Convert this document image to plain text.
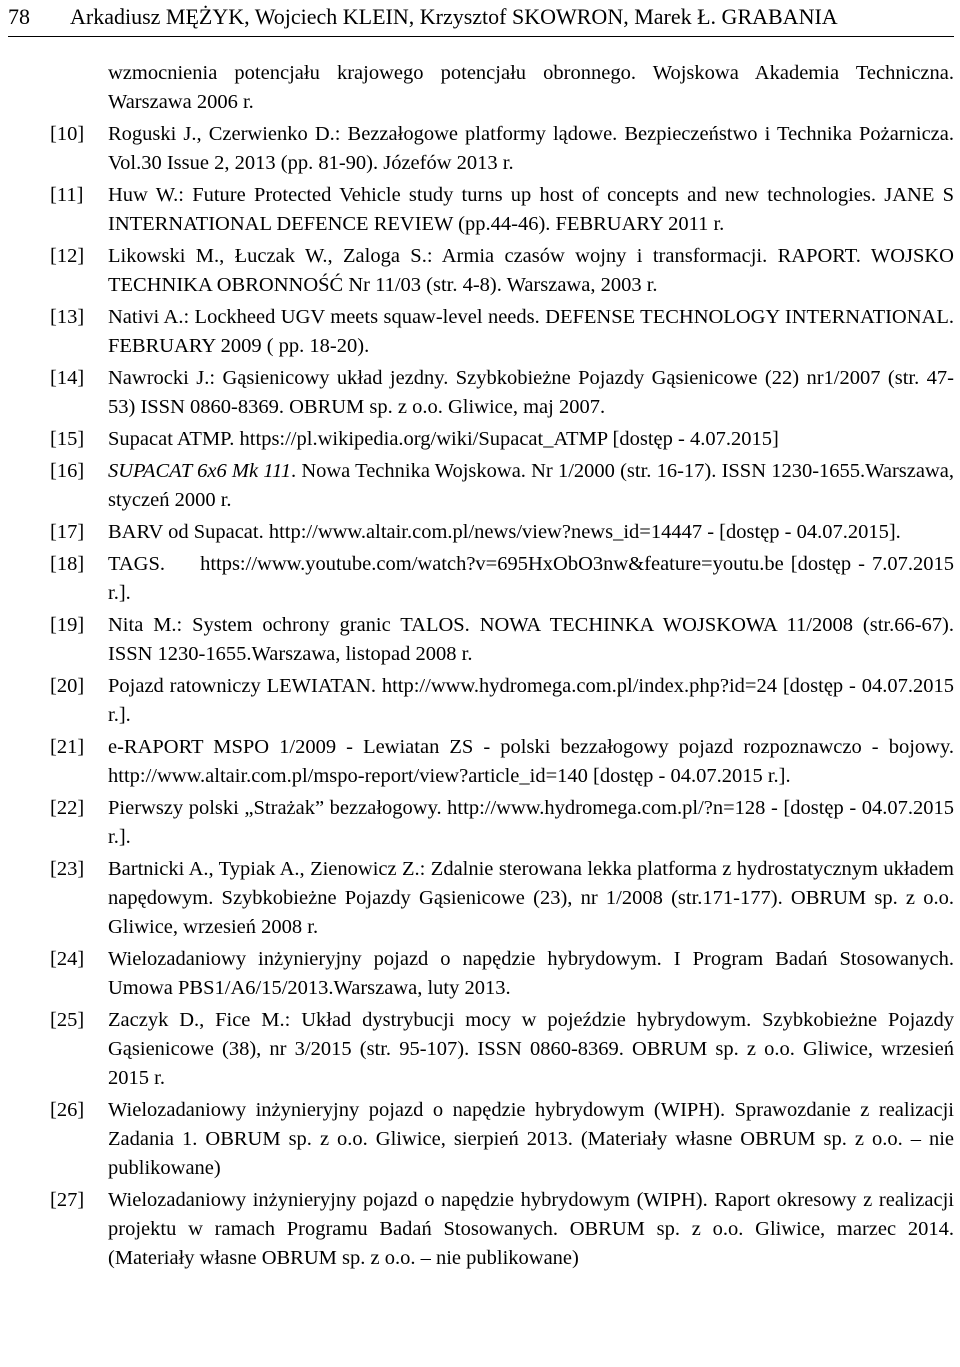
78 Arkadiusz MĘŻYK, Wojciech KLEIN, Krzysztof SKOWRON, Marek Ł. GRABANIA

wzmocnienia potencjału krajowego potencjału obronnego. Wojskowa Akademia Techniczna. Warszawa 2006 r.

[10] Roguski J., Czerwienko D.: Bezzałogowe platformy lądowe. Bezpieczeństwo i Technika Pożarnicza. Vol.30 Issue 2, 2013 (pp. 81-90). Józefów 2013 r.

[11] Huw W.: Future Protected Vehicle study turns up host of concepts and new technologies. JANE S INTERNATIONAL DEFENCE REVIEW (pp.44-46). FEBRUARY 2011 r.

[12] Likowski M., Łuczak W., Zaloga S.: Armia czasów wojny i transformacji. RAPORT. WOJSKO TECHNIKA OBRONNOŚĆ Nr 11/03 (str. 4-8). Warszawa, 2003 r.

[13] Nativi A.: Lockheed UGV meets squaw-level needs. DEFENSE TECHNOLOGY INTERNATIONAL. FEBRUARY 2009 ( pp. 18-20).

[14] Nawrocki J.: Gąsienicowy układ jezdny. Szybkobieżne Pojazdy Gąsienicowe (22) nr1/2007 (str. 47-53) ISSN 0860-8369. OBRUM sp. z o.o. Gliwice, maj 2007.

[15] Supacat ATMP. https://pl.wikipedia.org/wiki/Supacat_ATMP [dostęp - 4.07.2015]

[16] SUPACAT 6x6 Mk 111. Nowa Technika Wojskowa. Nr 1/2000 (str. 16-17). ISSN 1230-1655.Warszawa, styczeń 2000 r.

[17] BARV od Supacat. http://www.altair.com.pl/news/view?news_id=14447 - [dostęp - 04.07.2015].

[18] TAGS.     https://www.youtube.com/watch?v=695HxObO3nw&feature=youtu.be [dostęp - 7.07.2015 r.].

[19] Nita M.: System ochrony granic TALOS. NOWA TECHINKA WOJSKOWA 11/2008 (str.66-67). ISSN 1230-1655.Warszawa, listopad 2008 r.

[20] Pojazd ratowniczy LEWIATAN. http://www.hydromega.com.pl/index.php?id=24 [dostęp - 04.07.2015 r.].

[21] e-RAPORT MSPO 1/2009 - Lewiatan ZS - polski bezzałogowy pojazd rozpoznawczo - bojowy. http://www.altair.com.pl/mspo-report/view?article_id=140 [dostęp - 04.07.2015 r.].

[22] Pierwszy polski „Strażak” bezzałogowy. http://www.hydromega.com.pl/?n=128 - [dostęp - 04.07.2015 r.].

[23] Bartnicki A., Typiak A., Zienowicz Z.: Zdalnie sterowana lekka platforma z hydrostatycznym układem napędowym. Szybkobieżne Pojazdy Gąsienicowe (23), nr 1/2008 (str.171-177). OBRUM sp. z o.o. Gliwice, wrzesień 2008 r.

[24] Wielozadaniowy inżynieryjny pojazd o napędzie hybrydowym. I Program Badań Stosowanych. Umowa PBS1/A6/15/2013.Warszawa, luty 2013.

[25] Zaczyk D., Fice M.: Układ dystrybucji mocy w pojeździe hybrydowym. Szybkobieżne Pojazdy Gąsienicowe (38), nr 3/2015 (str. 95-107). ISSN 0860-8369. OBRUM sp. z o.o. Gliwice, wrzesień 2015 r.

[26] Wielozadaniowy inżynieryjny pojazd o napędzie hybrydowym (WIPH). Sprawozdanie z realizacji Zadania 1. OBRUM sp. z o.o. Gliwice, sierpień 2013. (Materiały własne OBRUM sp. z o.o. – nie publikowane)

[27] Wielozadaniowy inżynieryjny pojazd o napędzie hybrydowym (WIPH). Raport okresowy z realizacji projektu w ramach Programu Badań Stosowanych. OBRUM sp. z o.o. Gliwice, marzec 2014. (Materiały własne OBRUM sp. z o.o. – nie publikowane)
